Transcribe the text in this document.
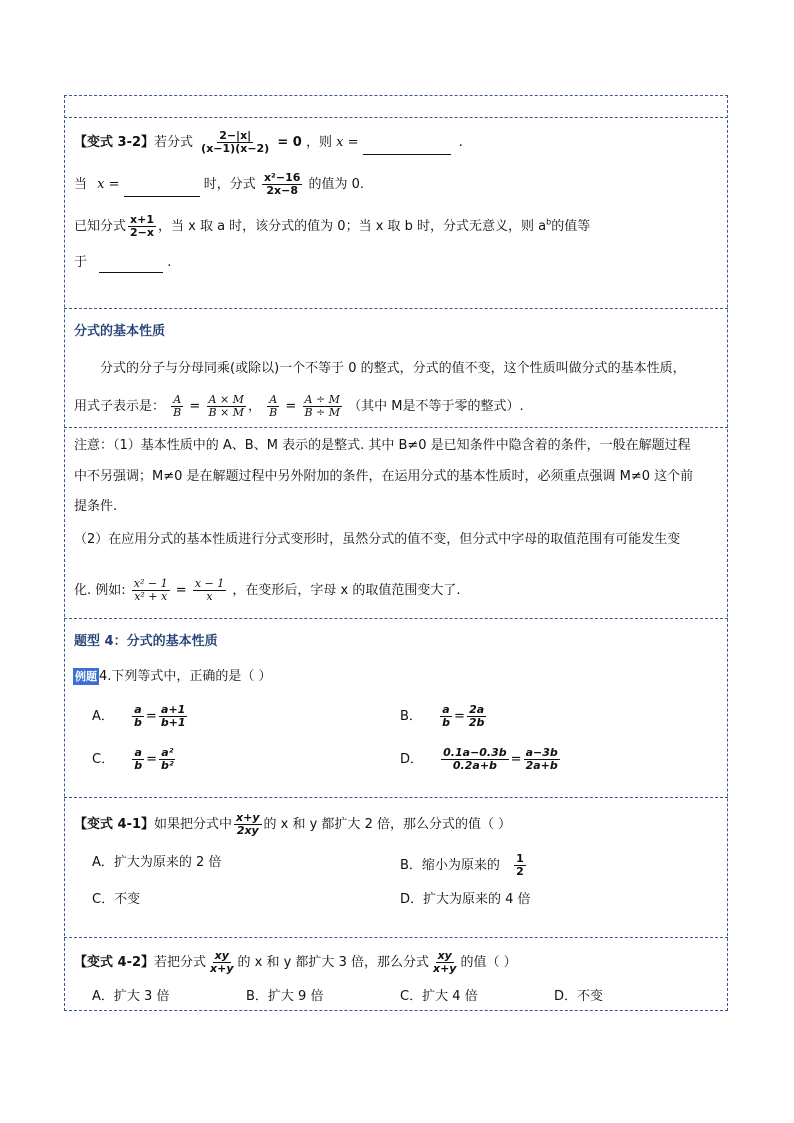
【变式 3-2】若分式 $\frac{2-|x|}{(x-1)(x-2)} = 0$ ，则 x =	.
当 x =	时，分式 $\frac{\text{x²−16}}{2x-8}$ 的值为 0.
已知分式 $\frac{x+1}{2-x}$ ，当 x 取 a 时，该分式的值为 0；当 x 取 b 时，分式无意义，则 $a^b$的值等
于	.
分式的基本性质
分式的分子与分母同乘(或除以)一个不等于 0 的整式，分式的值不变，这个性质叫做分式的基本性质，
用式子表示是： $\frac{A}{B} = \frac{A \times M}{B \times M}$ ， $\frac{A}{B} = \frac{A \div M}{B \div M}$ （其中 M是不等于零的整式）.
注意：（1）基本性质中的 A、B、M 表示的是整式. 其中 B≠0 是已知条件中隐含着的条件，一般在解题过程
中不另强调；M≠0 是在解题过程中另外附加的条件，在运用分式的基本性质时，必须重点强调 M≠0 这个前
提条件.
（2）在应用分式的基本性质进行分式变形时，虽然分式的值不变，但分式中字母的取值范围有可能发生变
化. 例如: $\frac{\text{x² − 1}}{\text{x² + x}} = \frac{x - 1}{x}$ ，在变形后，字母 x 的取值范围变大了.
题型 4：分式的基本性质
例题 4.下列等式中，正确的是（ ）
A． $\frac{a}{b} = \frac{a+1}{b+1}$	B． $\frac{a}{b} = \frac{2a}{2b}$
C． $\frac{a}{b} = \frac{\text{a²}}{\text{b²}}$	D． $\frac{0.1a-0.3b}{0.2a+b} = \frac{a-3b}{2a+b}$
【变式 4-1】如果把分式中 $\frac{x+y}{2xy}$ 的 x 和 y 都扩大 2 倍，那么分式的值（ ）
A．扩大为原来的 2 倍	B．缩小为原来的 $\frac{1}{2}$
C．不变	D．扩大为原来的 4 倍
【变式 4-2】若把分式 $\frac{xy}{x+y}$ 的 x 和 y 都扩大 3 倍，那么分式 $\frac{xy}{x+y}$ 的值（ ）
A．扩大 3 倍	B．扩大 9 倍	C．扩大 4 倍	D．不变
